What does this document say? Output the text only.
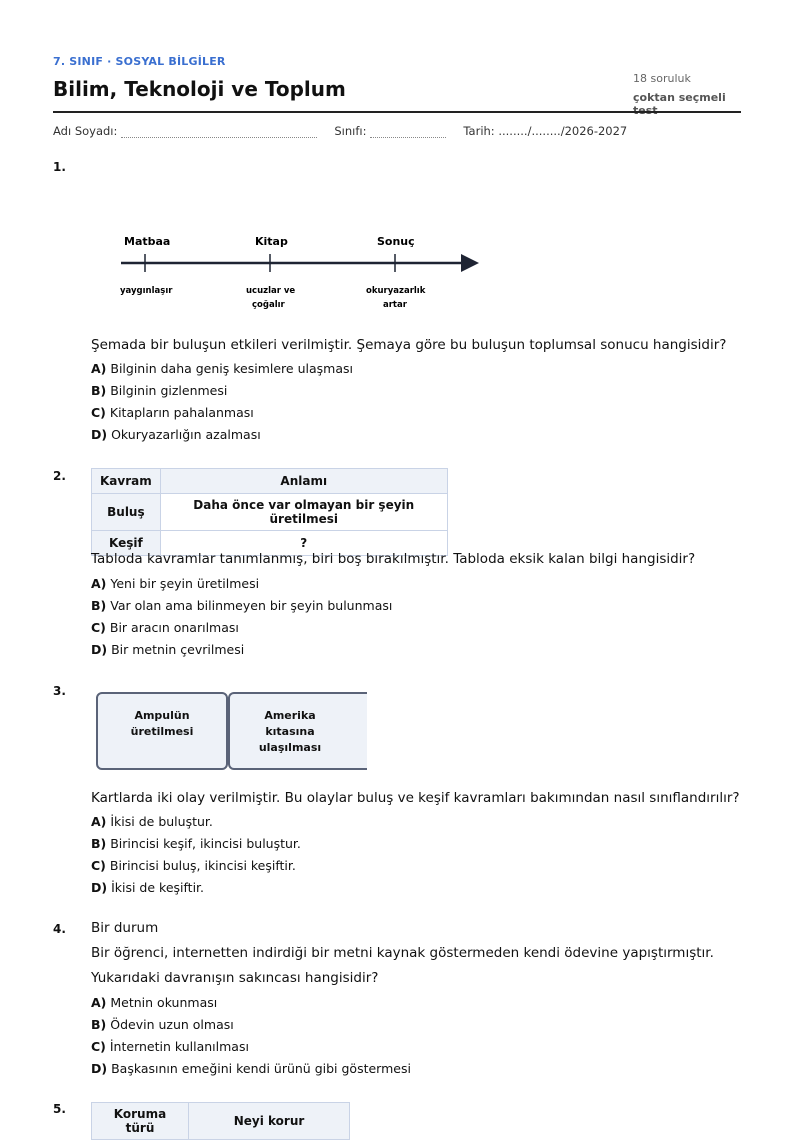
7. SINIF · SOSYAL BİLGİLER
Bilim, Teknoloji ve Toplum	18 soruluk
çoktan seçmeli
Adı Soyadı:	Sınıfı:	Tarih: ......../......../2026-2027
1.
Matbaa	Kitap	Sonuç
yaygınlaşır	ucuzlar ve
çoğalır
okuryazarlık
artar
Şemada bir buluşun etkileri verilmiştir. Şemaya göre bu buluşun toplumsal sonucu hangisidir?
A) Bilginin daha geniş kesimlere ulaşması
B) Bilginin gizlenmesi
C) Kitapların pahalanması
D) Okuryazarlığın azalması
2.	Kavram	Anlamı
Buluş	Daha önce var olmayan bir şeyin üretilmesi
Keşif	?
Tabloda kavramlar tanımlanmış, biri boş bırakılmıştır. Tabloda eksik kalan bilgi hangisidir?
A) Yeni bir şeyin üretilmesi
B) Var olan ama bilinmeyen bir şeyin bulunması
C) Bir aracın onarılması
D) Bir metnin çevrilmesi
3.
Ampulün
üretilmesi
Amerika
kıtasına
ulaşılması
Kartlarda iki olay verilmiştir. Bu olaylar buluş ve keşif kavramları bakımından nasıl sınıflandırılır?
A) İkisi de buluştur.
B) Birincisi keşif, ikincisi buluştur.
C) Birincisi buluş, ikincisi keşiftir.
D) İkisi de keşiftir.
4. Bir durum
Bir öğrenci, internetten indirdiği bir metni kaynak göstermeden kendi ödevine yapıştırmıştır.
Yukarıdaki davranışın sakıncası hangisidir?
A) Metnin okunması
B) Ödevin uzun olması
C) İnternetin kullanılması
D) Başkasının emeğini kendi ürünü gibi göstermesi
5.	Koruma türü	Neyi korur
